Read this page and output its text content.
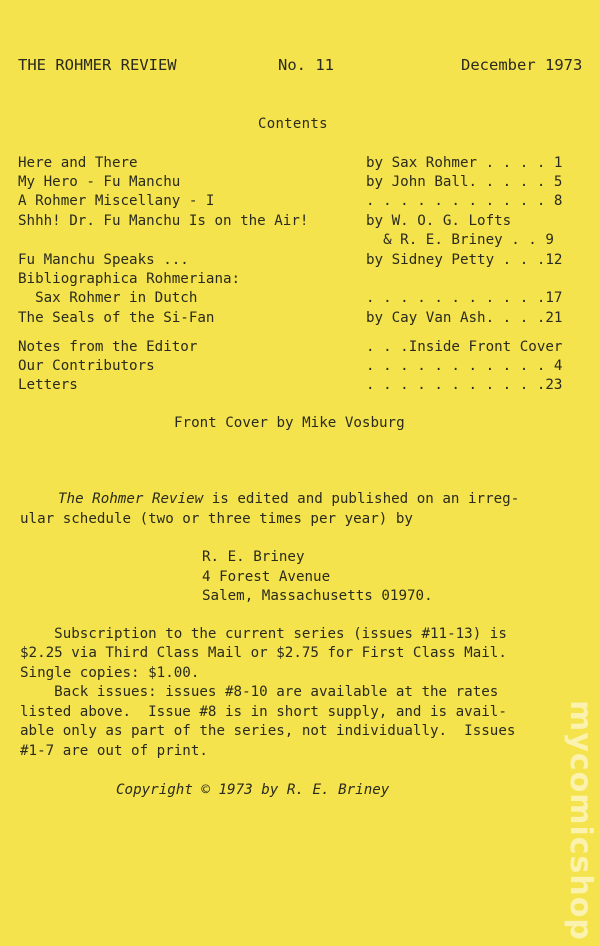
THE ROHMER REVIEW	No. 11	December 1973
Contents
Here and There	by Sax Rohmer . . . . 1
My Hero - Fu Manchu	by John Ball. . . . . 5
A Rohmer Miscellany - I	. . . . . . . . . . . 8
Shhh! Dr. Fu Manchu Is on the Air!	by W. O. G. Lofts
& R. E. Briney . . 9
Fu Manchu Speaks ...	by Sidney Petty . . .12
Bibliographica Rohmeriana:
Sax Rohmer in Dutch	. . . . . . . . . . .17
The Seals of the Si-Fan	by Cay Van Ash. . . .21
Notes from the Editor	. . .Inside Front Cover
Our Contributors	. . . . . . . . . . . 4
Letters	. . . . . . . . . . .23
Front Cover by Mike Vosburg
The Rohmer Review is edited and published on an irreg-
ular schedule (two or three times per year) by
R. E. Briney
4 Forest Avenue
Salem, Massachusetts 01970.
Subscription to the current series (issues #11-13) is
$2.25 via Third Class Mail or $2.75 for First Class Mail.
Single copies: $1.00.
Back issues: issues #8-10 are available at the rates
listed above.  Issue #8 is in short supply, and is avail-
able only as part of the series, not individually.  Issues
#1-7 are out of print.
Copyright © 1973 by R. E. Briney	mycomicshop
